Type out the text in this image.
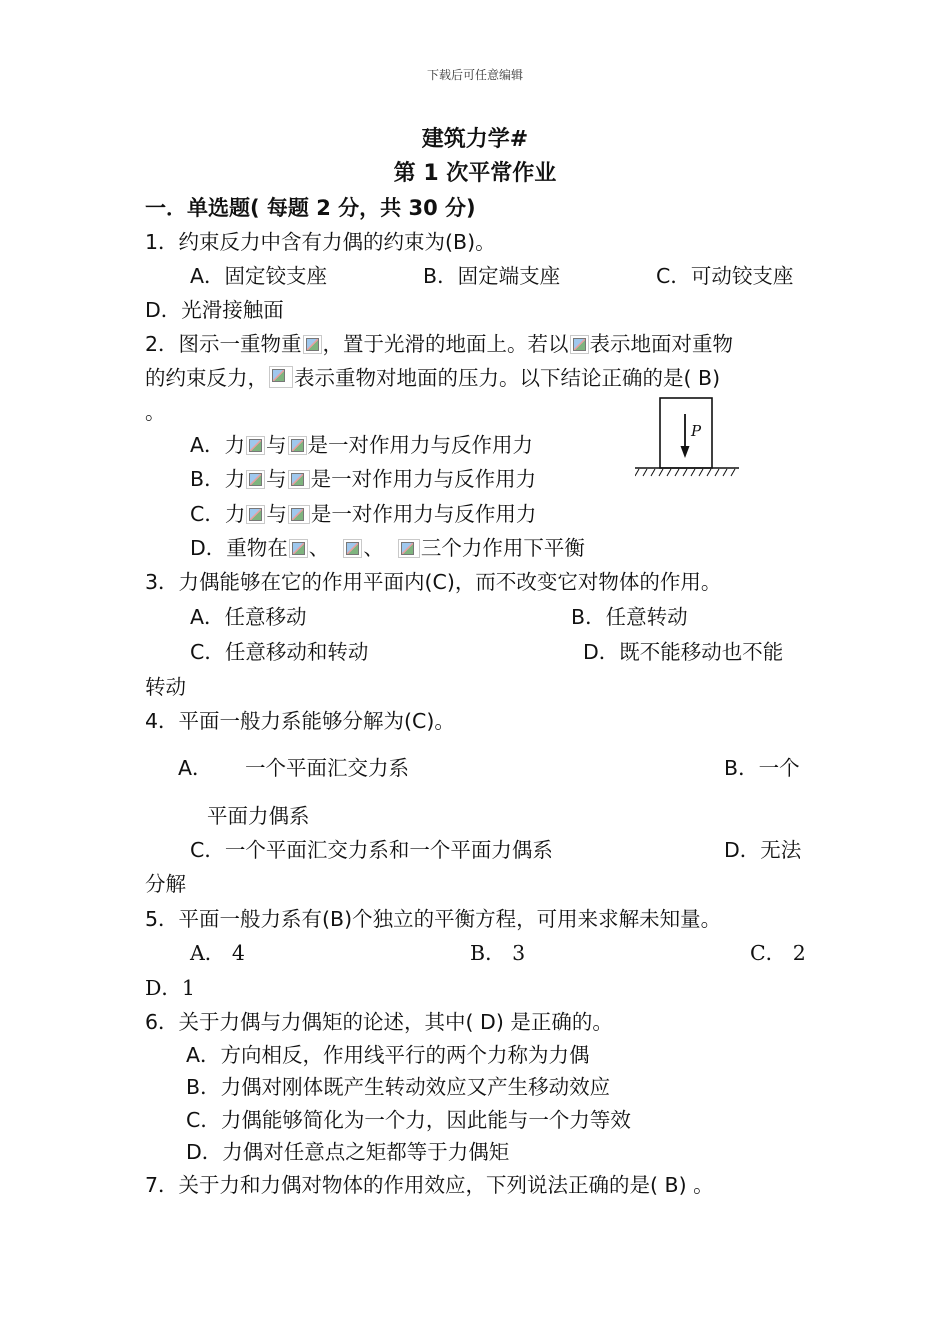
下载后可任意编辑
建筑力学#
第 1 次平常作业
一．单选题( 每题 2 分，共 30 分)
1．约束反力中含有力偶的约束为(B)。
A．固定铰支座	B．固定端支座	C．可动铰支座
D．光滑接触面
2．图示一重物重 ，置于光滑的地面上。若以 表示地面对重物
的约束反力， 表示重物对地面的压力。以下结论正确的是( B)
。
A．力 与 是一对作用力与反作用力
B．力 与 是一对作用力与反作用力
C．力 与 是一对作用力与反作用力
D．重物在 、 、 三个力作用下平衡
P
3．力偶能够在它的作用平面内(C)，而不改变它对物体的作用。
A．任意移动	B．任意转动
C．任意移动和转动	D．既不能移动也不能
转动
4．平面一般力系能够分解为(C)。
A． 一个平面汇交力系	B．一个
平面力偶系
C．一个平面汇交力系和一个平面力偶系	D．无法
分解
5．平面一般力系有(B)个独立的平衡方程，可用来求解未知量。
A． 4	B． 3	C． 2
D．1
6．关于力偶与力偶矩的论述，其中( D) 是正确的。
A．方向相反，作用线平行的两个力称为力偶
B．力偶对刚体既产生转动效应又产生移动效应
C．力偶能够简化为一个力，因此能与一个力等效
D．力偶对任意点之矩都等于力偶矩
7．关于力和力偶对物体的作用效应，下列说法正确的是( B) 。
